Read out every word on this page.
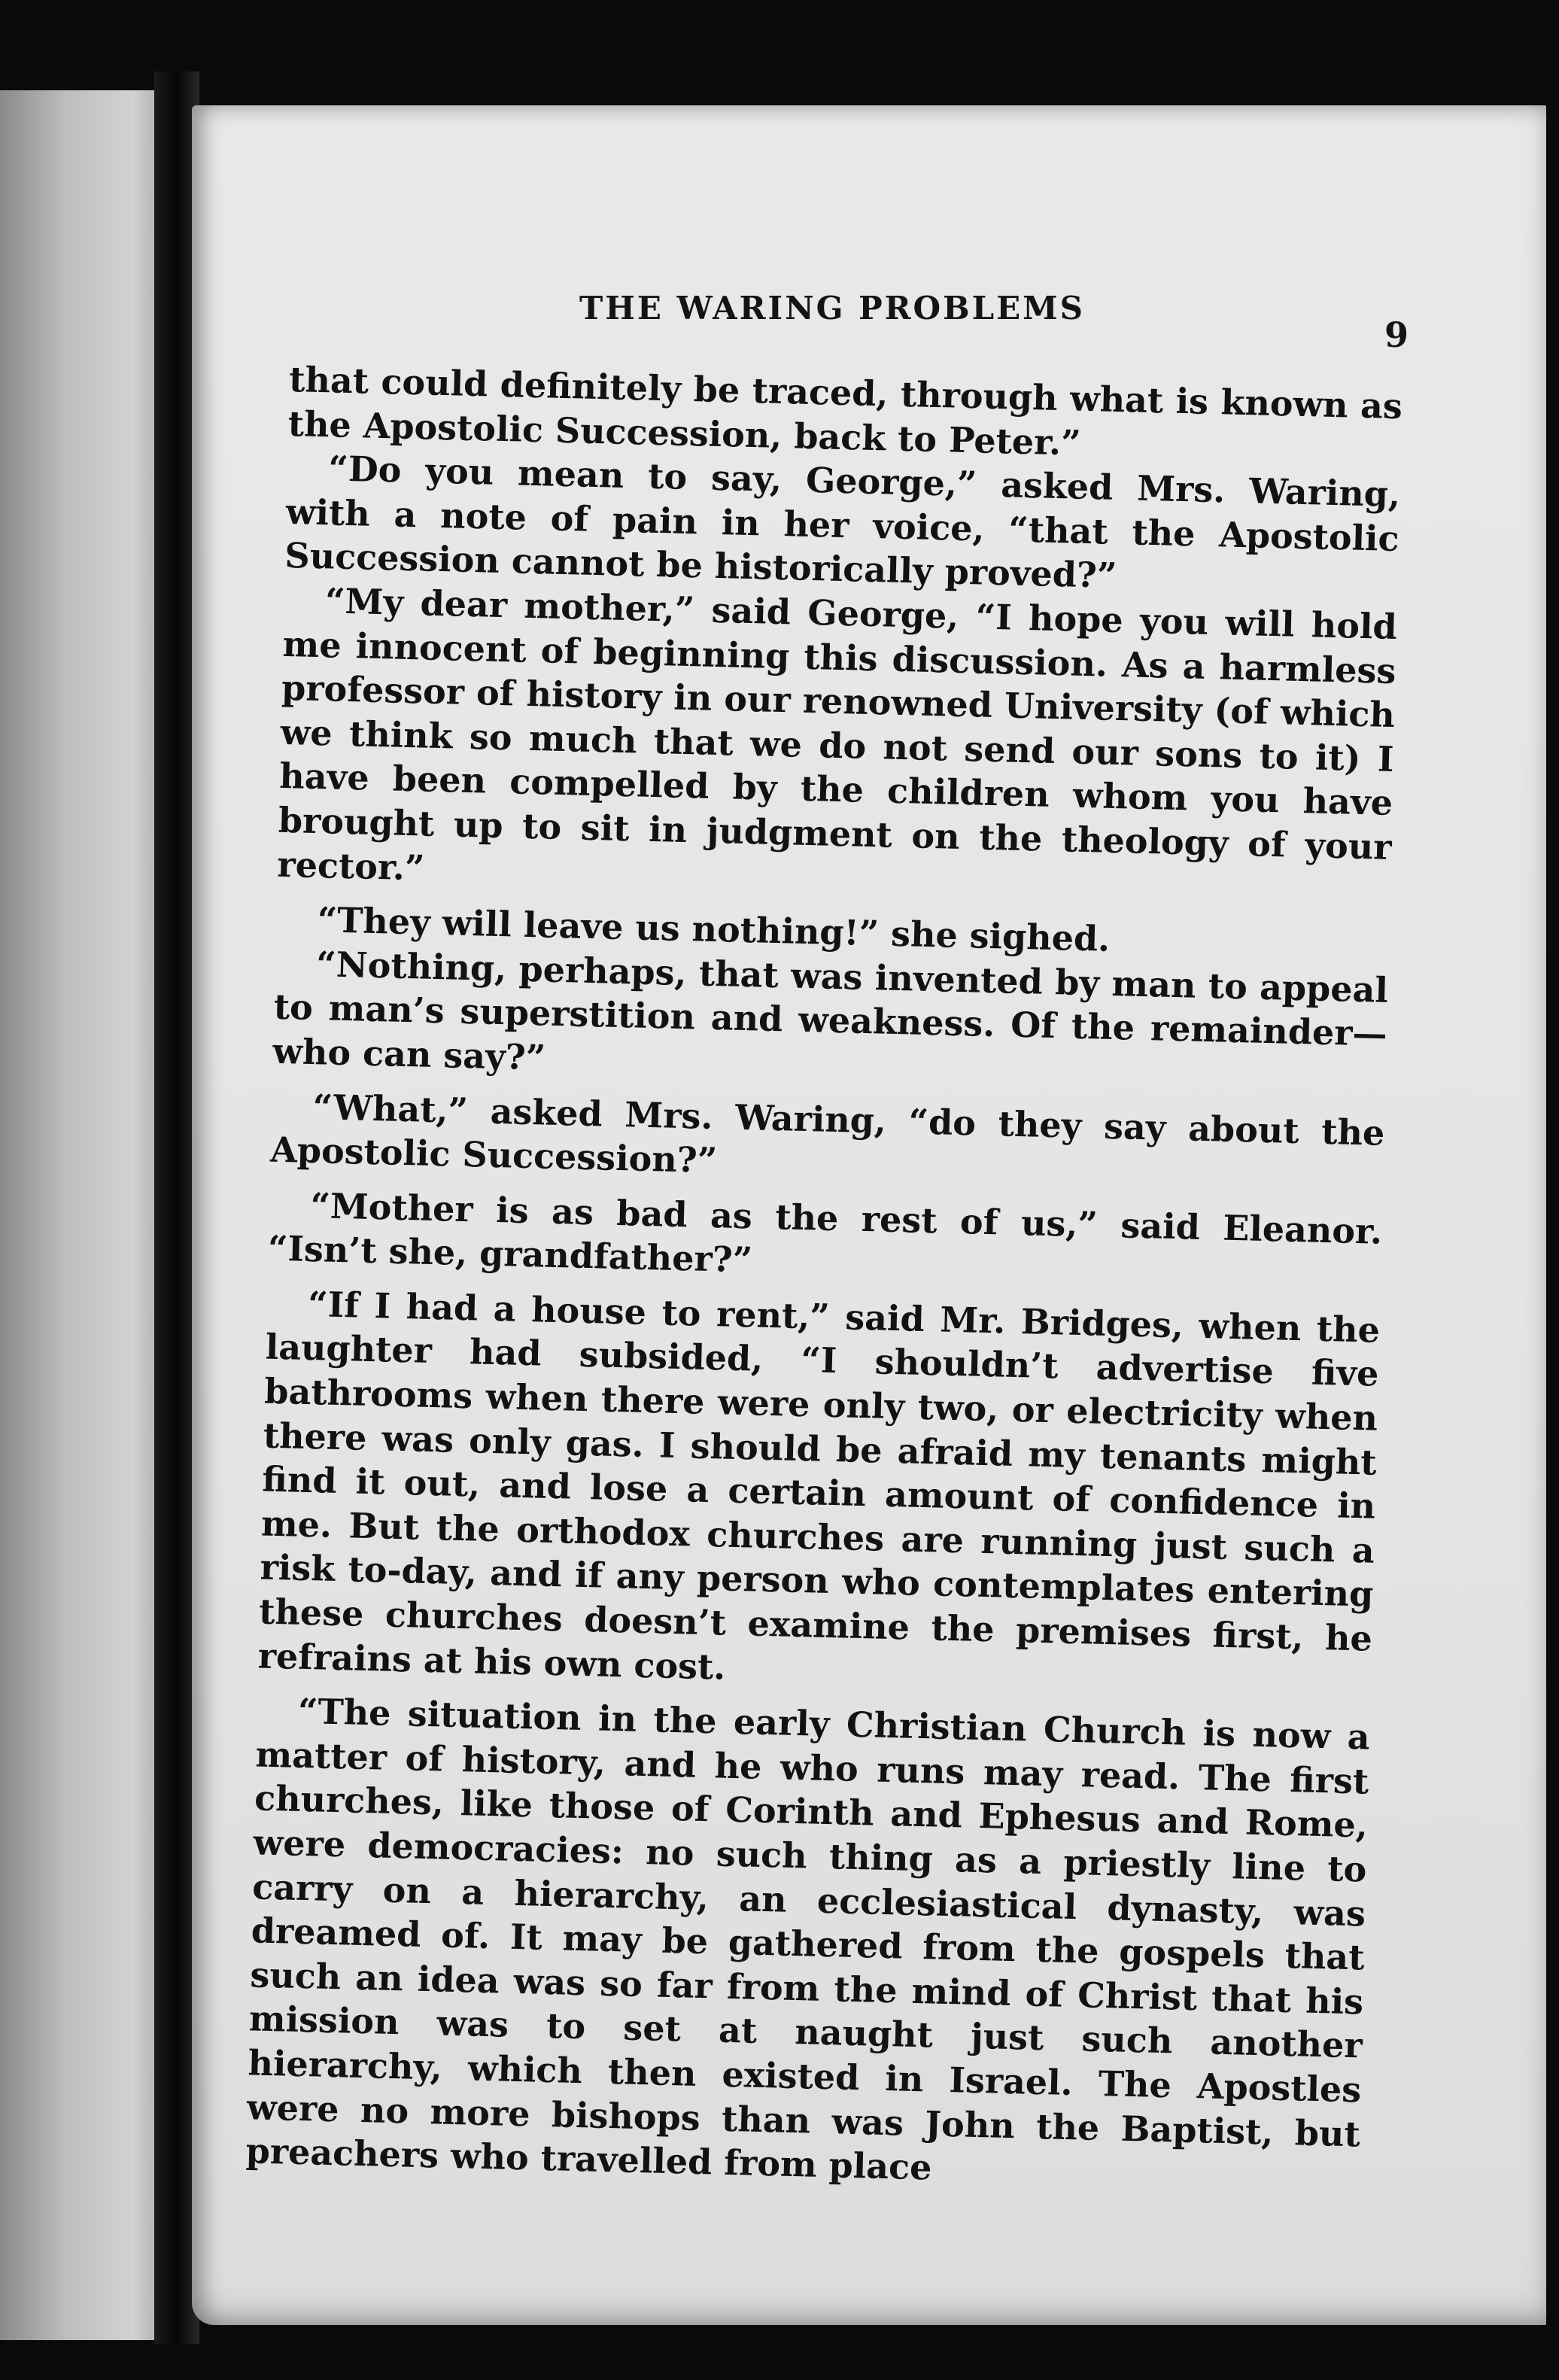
THE WARING PROBLEMS
9

that could definitely be traced, through what is known as the Apostolic Succession, back to Peter.”

“Do you mean to say, George,” asked Mrs. Waring, with a note of pain in her voice, “that the Apostolic Succession cannot be historically proved?”

“My dear mother,” said George, “I hope you will hold me innocent of beginning this discussion. As a harmless professor of history in our renowned University (of which we think so much that we do not send our sons to it) I have been compelled by the children whom you have brought up to sit in judgment on the theology of your rector.”

“They will leave us nothing!” she sighed.

“Nothing, perhaps, that was invented by man to appeal to man’s superstition and weakness. Of the remainder—who can say?”

“What,” asked Mrs. Waring, “do they say about the Apostolic Succession?”

“Mother is as bad as the rest of us,” said Eleanor. “Isn’t she, grandfather?”

“If I had a house to rent,” said Mr. Bridges, when the laughter had subsided, “I shouldn’t advertise five bathrooms when there were only two, or electricity when there was only gas. I should be afraid my tenants might find it out, and lose a certain amount of confidence in me. But the orthodox churches are running just such a risk to-day, and if any person who contemplates entering these churches doesn’t examine the premises first, he refrains at his own cost.

“The situation in the early Christian Church is now a matter of history, and he who runs may read. The first churches, like those of Corinth and Ephesus and Rome, were democracies: no such thing as a priestly line to carry on a hierarchy, an ecclesiastical dynasty, was dreamed of. It may be gathered from the gospels that such an idea was so far from the mind of Christ that his mission was to set at naught just such another hierarchy, which then existed in Israel. The Apostles were no more bishops than was John the Baptist, but preachers who travelled from place
